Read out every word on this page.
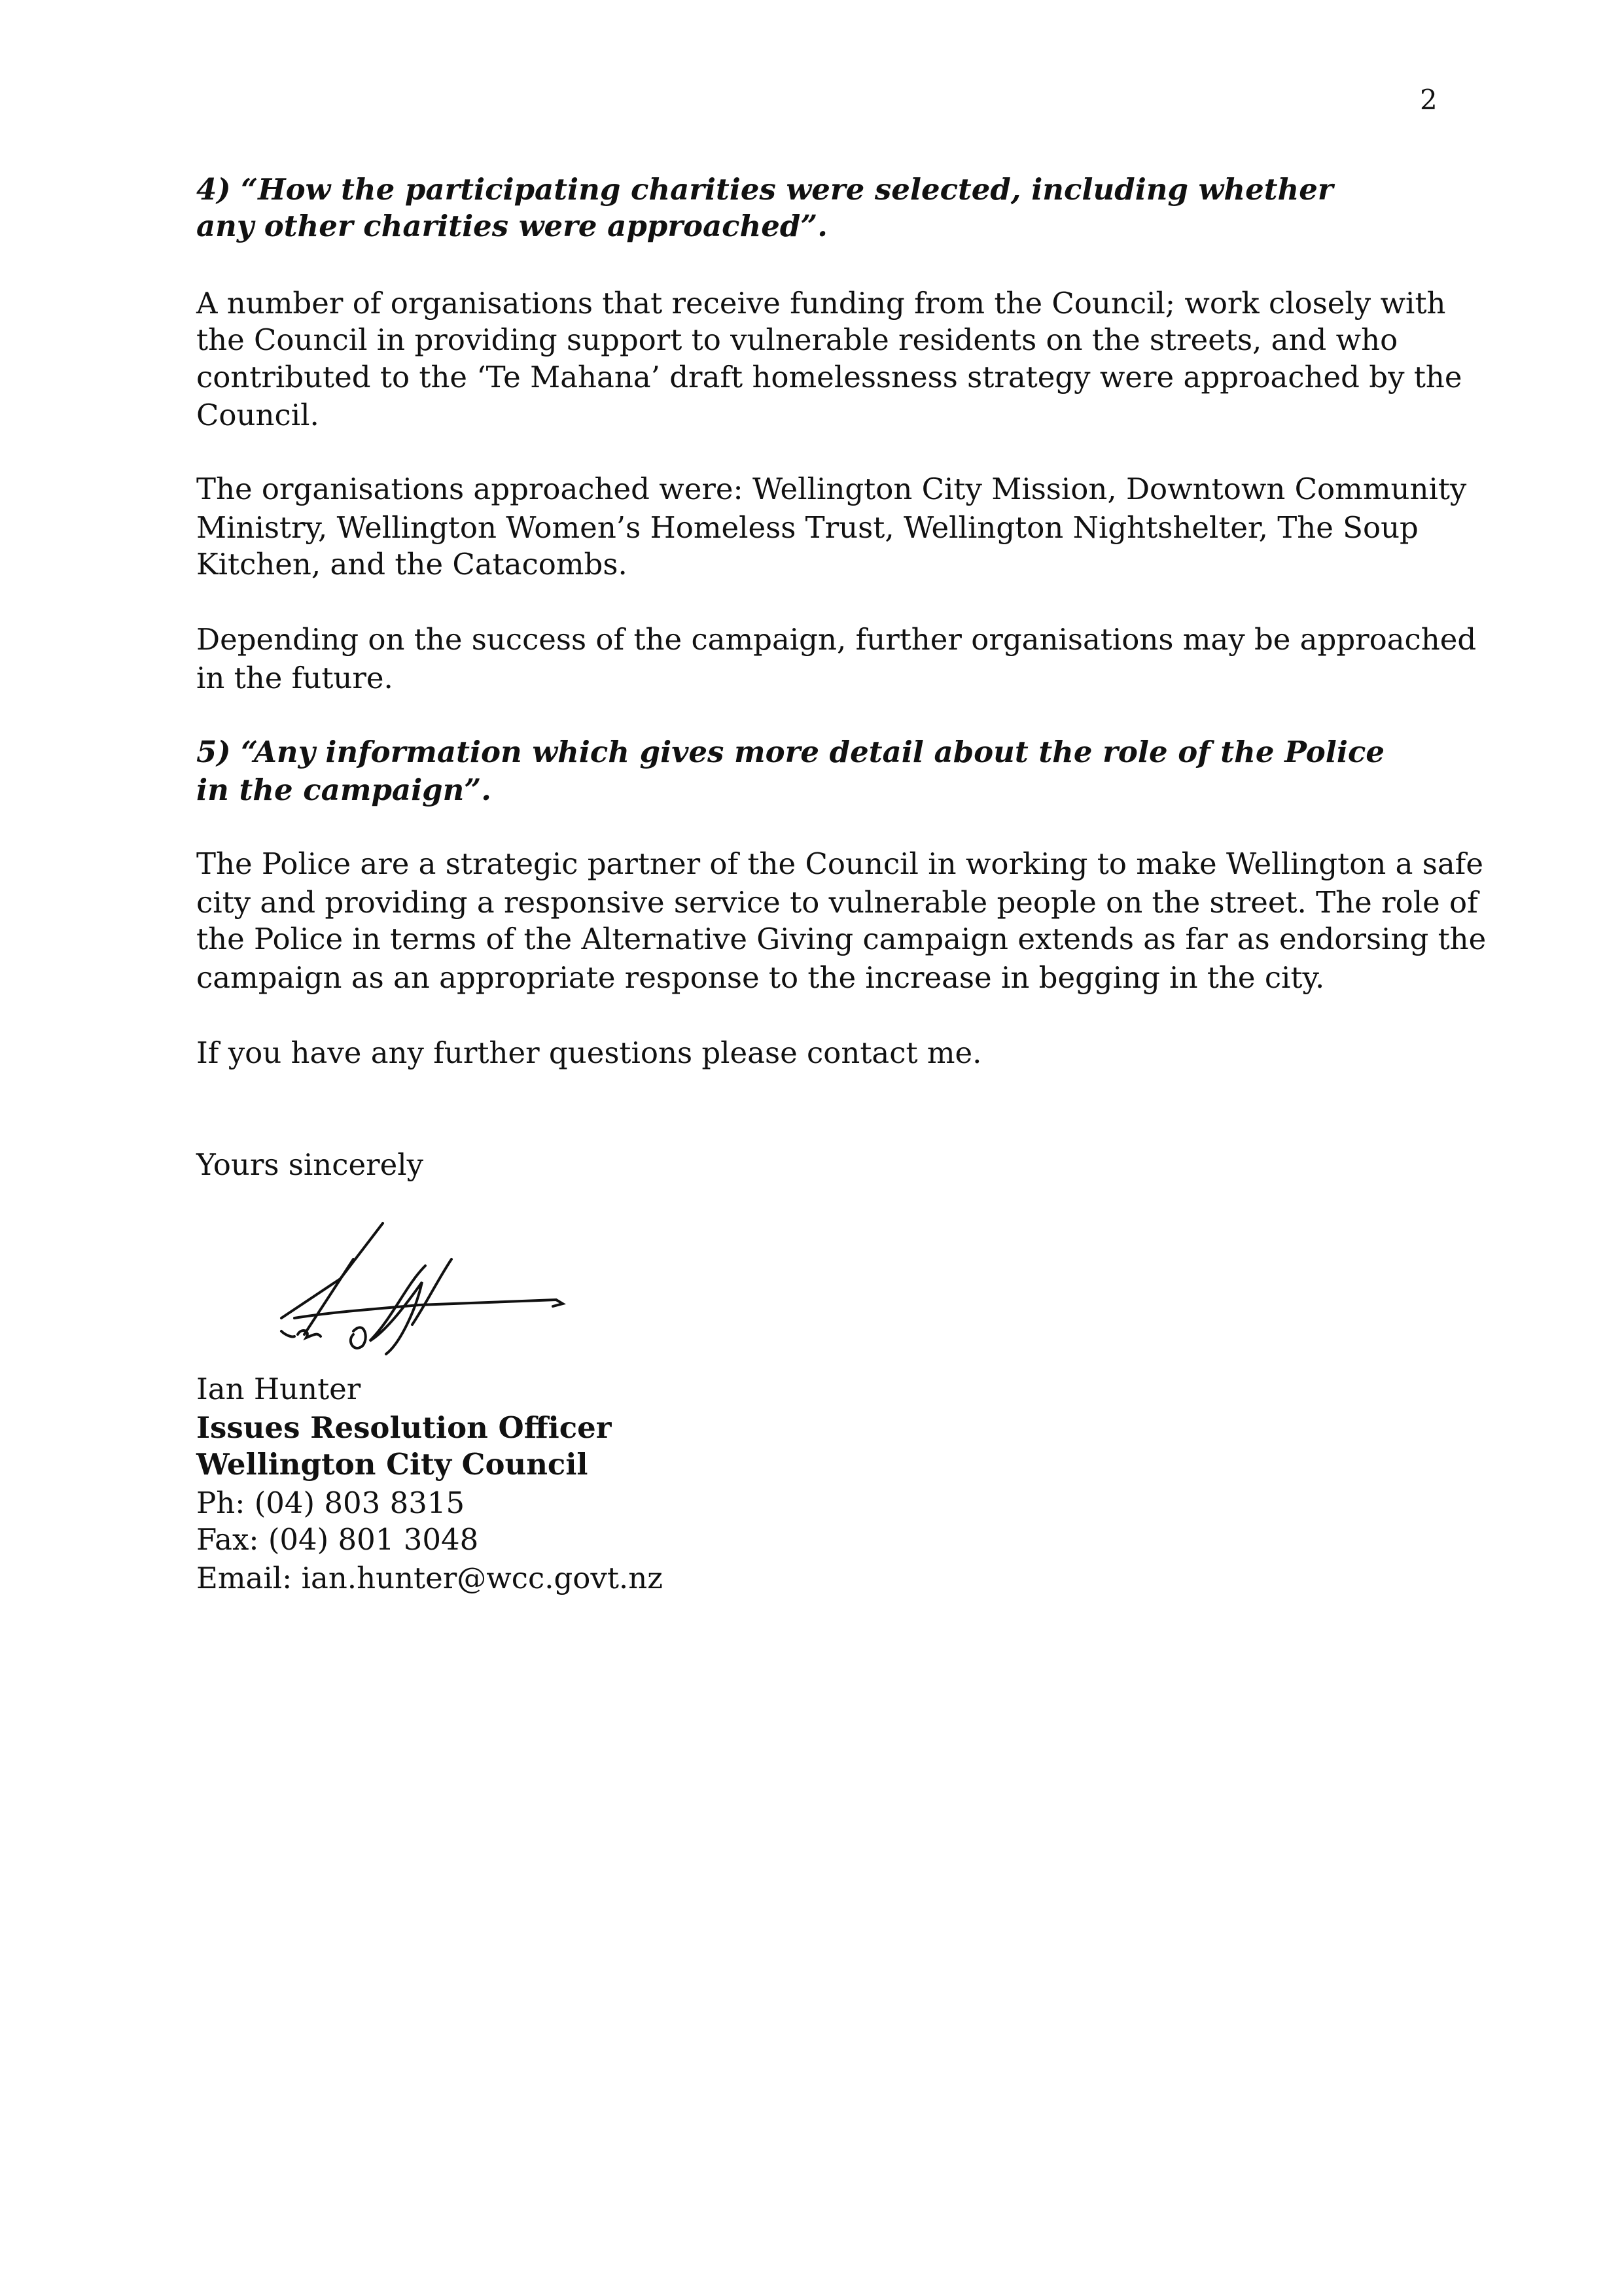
2
4) “How the participating charities were selected, including whether
any other charities were approached”.
A number of organisations that receive funding from the Council; work closely with
the Council in providing support to vulnerable residents on the streets, and who
contributed to the ‘Te Mahana’ draft homelessness strategy were approached by the
Council.
The organisations approached were: Wellington City Mission, Downtown Community
Ministry, Wellington Women’s Homeless Trust, Wellington Nightshelter, The Soup
Kitchen, and the Catacombs.
Depending on the success of the campaign, further organisations may be approached
in the future.
5) “Any information which gives more detail about the role of the Police
in the campaign”.
The Police are a strategic partner of the Council in working to make Wellington a safe
city and providing a responsive service to vulnerable people on the street. The role of
the Police in terms of the Alternative Giving campaign extends as far as endorsing the
campaign as an appropriate response to the increase in begging in the city.
If you have any further questions please contact me.
Yours sincerely
Ian Hunter
Issues Resolution Officer
Wellington City Council
Ph: (04) 803 8315
Fax: (04) 801 3048
Email: ian.hunter@wcc.govt.nz
